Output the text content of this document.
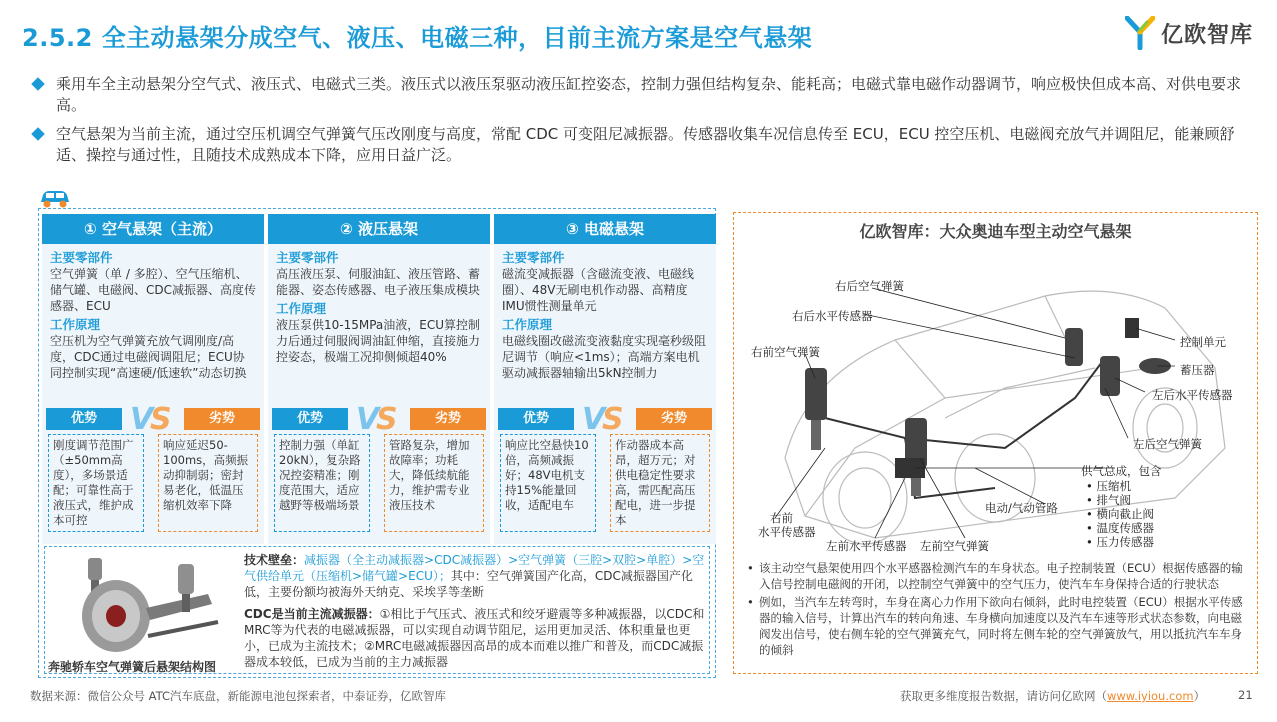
2.5.2 全主动悬架分成空气、液压、电磁三种，目前主流方案是空气悬架	亿欧智库
乘用车全主动悬架分空气式、液压式、电磁式三类。液压式以液压泵驱动液压缸控姿态，控制力强但结构复杂、能耗高；电磁式靠电磁作动器调节，响应极快但成本高、对供电要求高。
空气悬架为当前主流，通过空压机调空气弹簧气压改刚度与高度，常配 CDC 可变阻尼减振器。传感器收集车况信息传至 ECU，ECU 控空压机、电磁阀充放气并调阻尼，能兼顾舒适、操控与通过性，且随技术成熟成本下降，应用日益广泛。
① 空气悬架（主流）
主要零部件
空气弹簧（单 / 多腔）、空气压缩机、储气罐、电磁阀、CDC减振器、高度传感器、ECU
工作原理
空压机为空气弹簧充放气调刚度/高度，CDC通过电磁阀调阻尼；ECU协同控制实现“高速硬/低速软”动态切换
优势	V
S	劣势
刚度调节范围广（±50mm高度），多场景适配；可靠性高于液压式，维护成本可控
响应延迟50-100ms，高频振动抑制弱；密封易老化，低温压缩机效率下降
② 液压悬架
主要零部件
高压液压泵、伺服油缸、液压管路、蓄能器、姿态传感器、电子液压集成模块
工作原理
液压泵供10-15MPa油液，ECU算控制力后通过伺服阀调油缸伸缩，直接施力控姿态，极端工况抑侧倾超40%
优势	V
S	劣势
控制力强（单缸20kN），复杂路况控姿精准；刚度范围大，适应越野等极端场景
管路复杂，增加故障率；功耗大，降低续航能力，维护需专业液压技术
③ 电磁悬架
主要零部件
磁流变减振器（含磁流变液、电磁线圈）、48V无刷电机作动器、高精度IMU惯性测量单元
工作原理
电磁线圈改磁流变液黏度实现毫秒级阻尼调节（响应<1ms）；高端方案电机驱动减振器轴输出5kN控制力
优势	V
S	劣势
响应比空悬快10倍，高频减振好；48V电机支持15%能量回收，适配电车
作动器成本高昂，超万元；对供电稳定性要求高，需匹配高压配电，进一步提本
奔驰轿车空气弹簧后悬架结构图

技术壁垒：减振器（全主动减振器>CDC减振器）>空气弹簧（三腔>双腔>单腔）>空气供给单元（压缩机>储气罐>ECU）；其中：空气弹簧国产化高，CDC减振器国产化低，主要份额均被海外天纳克、采埃孚等垄断

CDC是当前主流减振器：①相比于气压式、液压式和绞牙避震等多种减振器，以CDC和MRC等为代表的电磁减振器，可以实现自动调节阻尼，运用更加灵活、体积重量也更小，已成为主流技术；②MRC电磁减振器因高昂的成本而难以推广和普及，而CDC减振器成本较低，已成为当前的主力减振器

亿欧智库：大众奥迪车型主动空气悬架
右后空气弹簧
右后水平传感器
右前空气弹簧
控制单元
蓄压器
左后水平传感器
左后空气弹簧
供气总成，包含
• 压缩机
• 排气阀
• 横向截止阀
• 温度传感器
• 压力传感器
电动/气动管路
右前
水平传感器
左前水平传感器 左前空气弹簧
• 该主动空气悬架使用四个水平感器检测汽车的车身状态。电子控制装置（ECU）根据传感器的输入信号控制电磁阀的开闭，以控制空气弹簧中的空气压力，使汽车车身保持合适的行驶状态
• 例如，当汽车左转弯时，车身在离心力作用下欲向右倾斜，此时电控装置（ECU）根据水平传感器的输入信号，计算出汽车的转向角速、车身横向加速度以及汽车车速等形式状态参数，向电磁阀发出信号，使右侧车轮的空气弹簧充气，同时将左侧车轮的空气弹簧放气，用以抵抗汽车车身的倾斜
数据来源：微信公众号 ATC汽车底盘，新能源电池包探索者，中泰证券，亿欧智库	获取更多维度报告数据，请访问亿欧网（www.iyiou.com）	21
